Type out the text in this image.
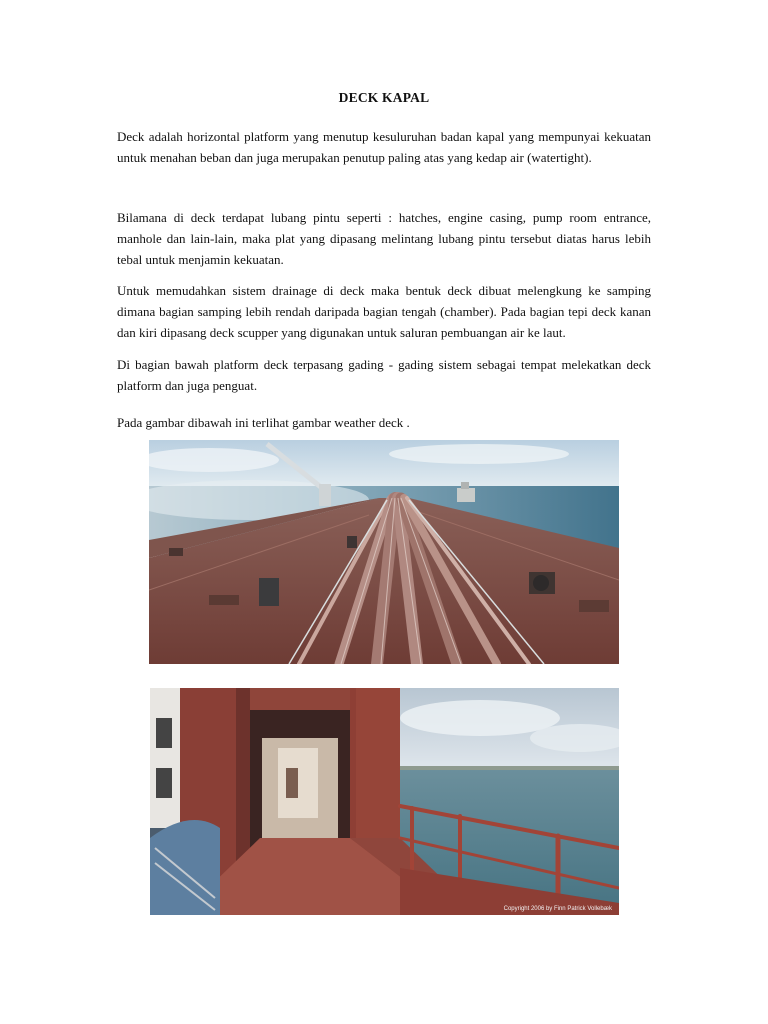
DECK KAPAL
Deck adalah horizontal platform yang menutup kesuluruhan badan kapal yang mempunyai kekuatan untuk menahan beban dan juga merupakan penutup paling atas yang kedap air (watertight).
Bilamana di deck terdapat lubang pintu seperti : hatches, engine casing, pump room entrance, manhole dan lain-lain, maka plat yang dipasang melintang lubang pintu tersebut diatas harus lebih tebal untuk menjamin kekuatan.
Untuk memudahkan sistem drainage di deck maka bentuk deck dibuat melengkung ke samping dimana bagian samping lebih rendah daripada bagian tengah (chamber). Pada bagian tepi deck kanan dan kiri dipasang deck scupper yang digunakan untuk saluran pembuangan air ke laut.
Di bagian bawah platform deck terpasang gading - gading sistem sebagai tempat melekatkan deck platform dan juga penguat.
Pada gambar dibawah ini terlihat gambar weather deck .
Copyright 2006 by Finn Patrick Vollebæk
